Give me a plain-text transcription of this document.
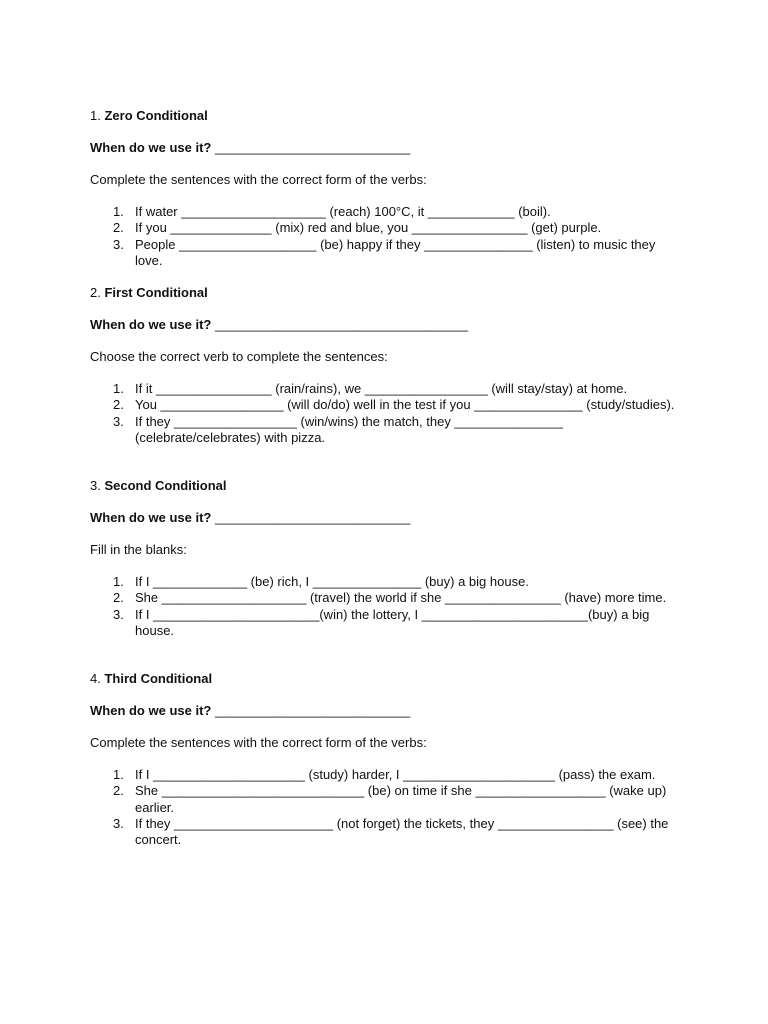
1. Zero Conditional

When do we use it? ___________________________

Complete the sentences with the correct form of the verbs:

1. If water ____________________ (reach) 100°C, it ____________ (boil).
2. If you ______________ (mix) red and blue, you ________________ (get) purple.
3. People ___________________ (be) happy if they _______________ (listen) to music they love.

2. First Conditional

When do we use it? ___________________________________

Choose the correct verb to complete the sentences:

1. If it ________________ (rain/rains), we _________________ (will stay/stay) at home.
2. You _________________ (will do/do) well in the test if you _______________ (study/studies).
3. If they _________________ (win/wins) the match, they _______________ (celebrate/celebrates) with pizza.

3. Second Conditional

When do we use it? ___________________________

Fill in the blanks:

1. If I _____________ (be) rich, I _______________ (buy) a big house.
2. She ____________________ (travel) the world if she ________________ (have) more time.
3. If I _______________________(win) the lottery, I _______________________(buy) a big house.

4. Third Conditional

When do we use it? ___________________________

Complete the sentences with the correct form of the verbs:

1. If I _____________________ (study) harder, I _____________________ (pass) the exam.
2. She ____________________________ (be) on time if she __________________ (wake up) earlier.
3. If they ______________________ (not forget) the tickets, they ________________ (see) the concert.
